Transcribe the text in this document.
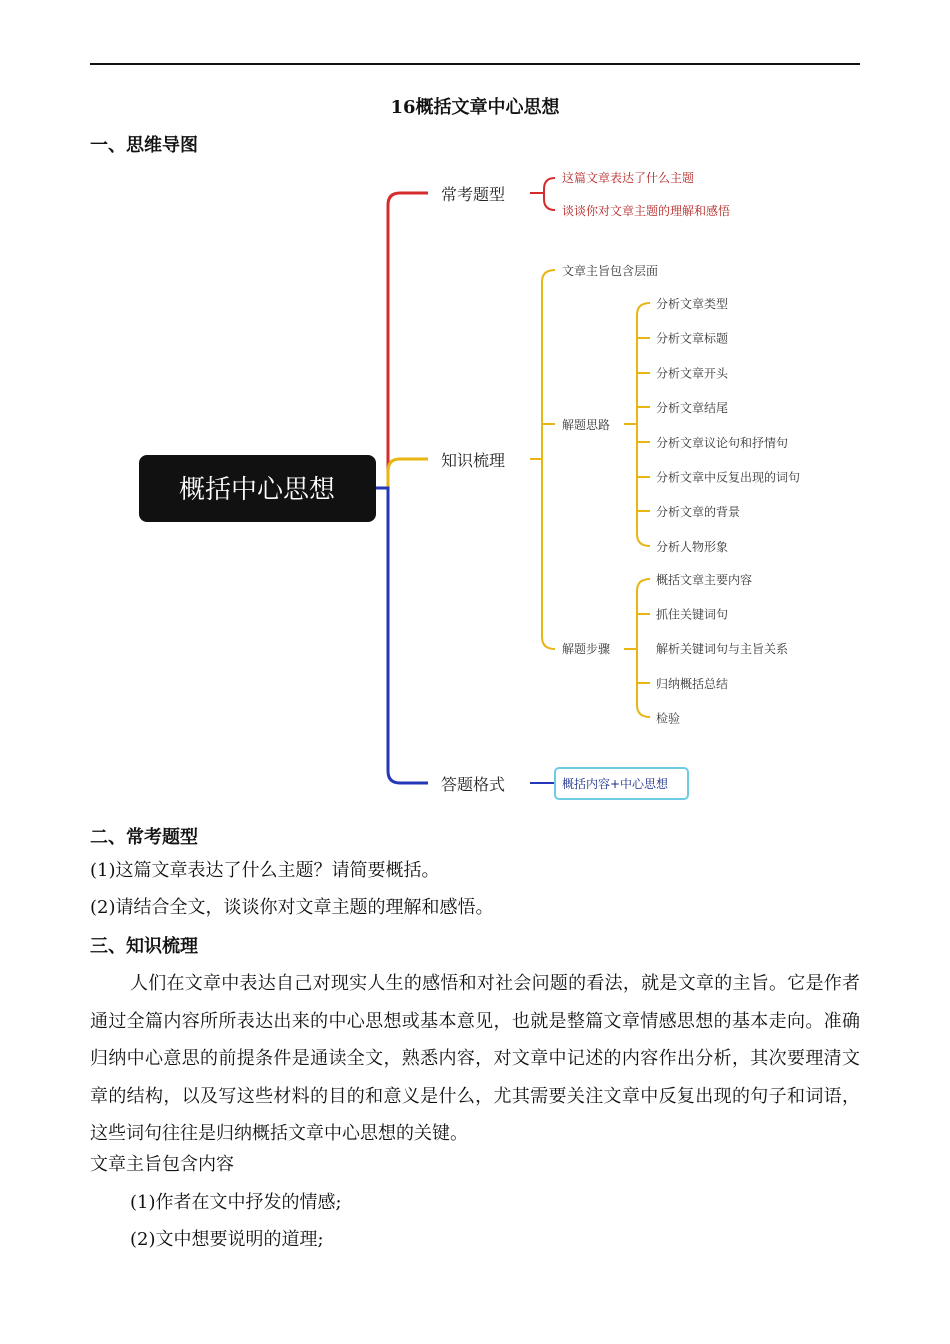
16概括文章中心思想
一、思维导图
概括中心思想
常考题型
知识梳理
答题格式
这篇文章表达了什么主题
谈谈你对文章主题的理解和感悟
文章主旨包含层面
解题思路
解题步骤
分析文章类型
分析文章标题
分析文章开头
分析文章结尾
分析文章议论句和抒情句
分析文章中反复出现的词句
分析文章的背景
分析人物形象
概括文章主要内容
抓住关键词句
解析关键词句与主旨关系
归纳概括总结
检验
概括内容+中心思想
二、常考题型
(1)这篇文章表达了什么主题？请简要概括。
(2)请结合全文，谈谈你对文章主题的理解和感悟。
三、知识梳理
人们在文章中表达自己对现实人生的感悟和对社会问题的看法，就是文章的主旨。它是作者通过全篇内容所所表达出来的中心思想或基本意见，也就是整篇文章情感思想的基本走向。准确归纳中心意思的前提条件是通读全文，熟悉内容，对文章中记述的内容作出分析，其次要理清文章的结构，以及写这些材料的目的和意义是什么，尤其需要关注文章中反复出现的句子和词语，这些词句往往是归纳概括文章中心思想的关键。
文章主旨包含内容
(1)作者在文中抒发的情感;
(2)文中想要说明的道理;
